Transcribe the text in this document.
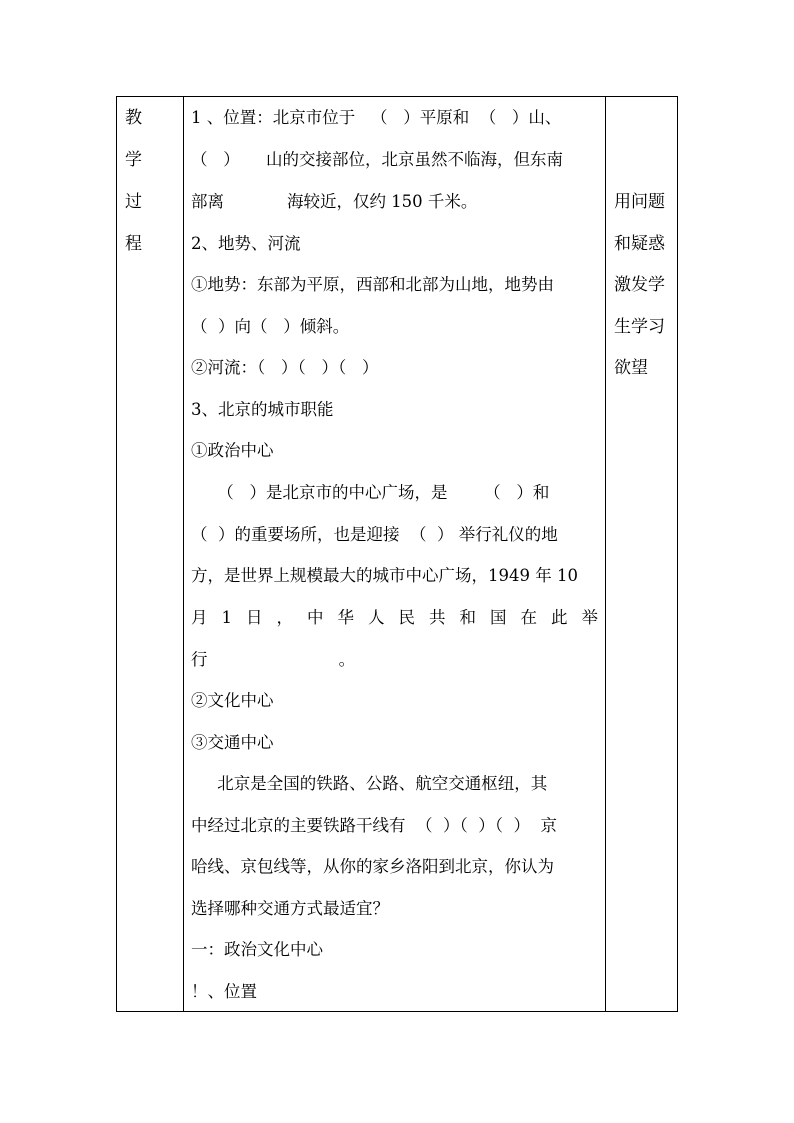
教
学
过
程
1 、位置：北京市位于   （   ）平原和  （   ）山、
（   ）     山的交接部位，北京虽然不临海，但东南
部离            海较近，仅约 150 千米。
2、地势、河流
①地势：东部为平原，西部和北部为山地，地势由
（  ）向（   ）倾斜。
②河流：（   ）（   ）（   ）
3、北京的城市职能
①政治中心
（   ）是北京市的中心广场，是       （   ）和
（  ）的重要场所，也是迎接  （  ） 举行礼仪的地
方，是世界上规模最大的城市中心广场，1949 年 10
月 1 日 ， 中 华 人 民 共 和 国 在 此 举
行                         。
②文化中心
③交通中心
北京是全国的铁路、公路、航空交通枢纽，其
中经过北京的主要铁路干线有  （  ）（  ）（  ）  京
哈线、京包线等，从你的家乡洛阳到北京，你认为
选择哪种交通方式最适宜？
一：政治文化中心
！、位置
用问题
和疑惑
激发学
生学习
欲望
